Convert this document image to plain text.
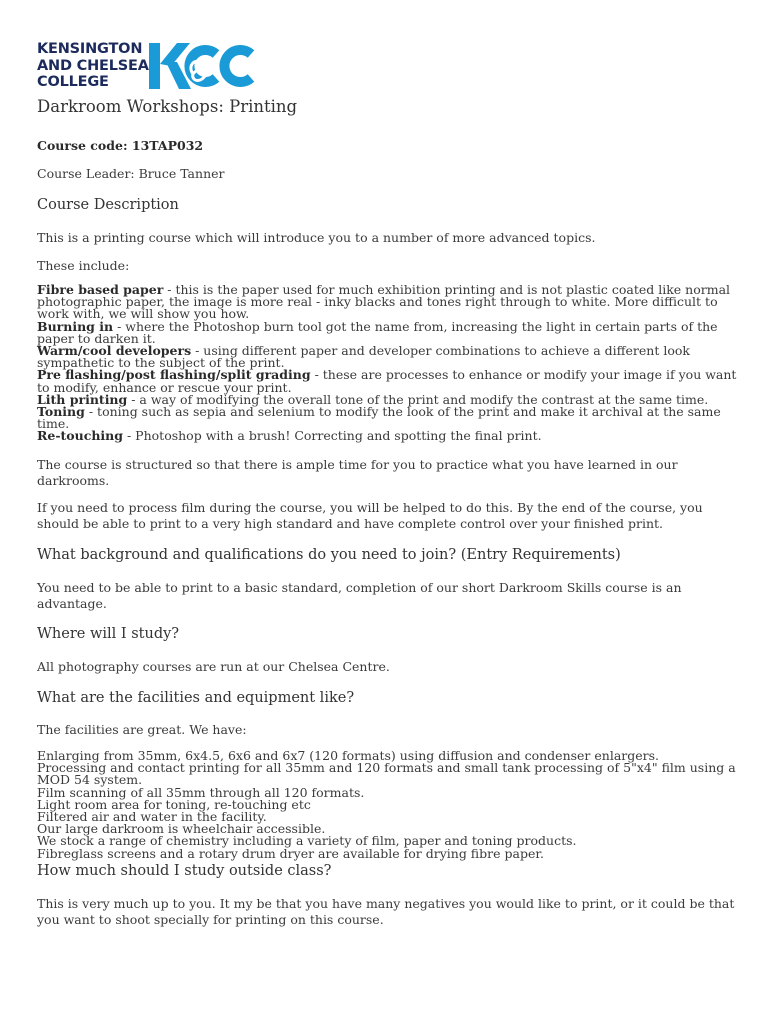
KENSINGTON
AND CHELSEA
COLLEGE
Darkroom Workshops: Printing

Course code: 13TAP032

Course Leader: Bruce Tanner

Course Description

This is a printing course which will introduce you to a number of more advanced topics.

These include:

Fibre based paper - this is the paper used for much exhibition printing and is not plastic coated like normal photographic paper, the image is more real - inky blacks and tones right through to white. More difficult to work with, we will show you how.
Burning in - where the Photoshop burn tool got the name from, increasing the light in certain parts of the paper to darken it.
Warm/cool developers - using different paper and developer combinations to achieve a different look sympathetic to the subject of the print.
Pre flashing/post flashing/split grading - these are processes to enhance or modify your image if you want to modify, enhance or rescue your print.
Lith printing - a way of modifying the overall tone of the print and modify the contrast at the same time.
Toning - toning such as sepia and selenium to modify the look of the print and make it archival at the same time.
Re-touching - Photoshop with a brush! Correcting and spotting the final print.

The course is structured so that there is ample time for you to practice what you have learned in our darkrooms.

If you need to process film during the course, you will be helped to do this. By the end of the course, you should be able to print to a very high standard and have complete control over your finished print.

What background and qualifications do you need to join? (Entry Requirements)

You need to be able to print to a basic standard, completion of our short Darkroom Skills course is an advantage.

Where will I study?

All photography courses are run at our Chelsea Centre.

What are the facilities and equipment like?

The facilities are great. We have:

Enlarging from 35mm, 6x4.5, 6x6 and 6x7 (120 formats) using diffusion and condenser enlargers.
Processing and contact printing for all 35mm and 120 formats and small tank processing of 5"x4" film using a MOD 54 system.
Film scanning of all 35mm through all 120 formats.
Light room area for toning, re-touching etc
Filtered air and water in the facility.
Our large darkroom is wheelchair accessible.
We stock a range of chemistry including a variety of film, paper and toning products.
Fibreglass screens and a rotary drum dryer are available for drying fibre paper.
How much should I study outside class?

This is very much up to you. It my be that you have many negatives you would like to print, or it could be that you want to shoot specially for printing on this course.
